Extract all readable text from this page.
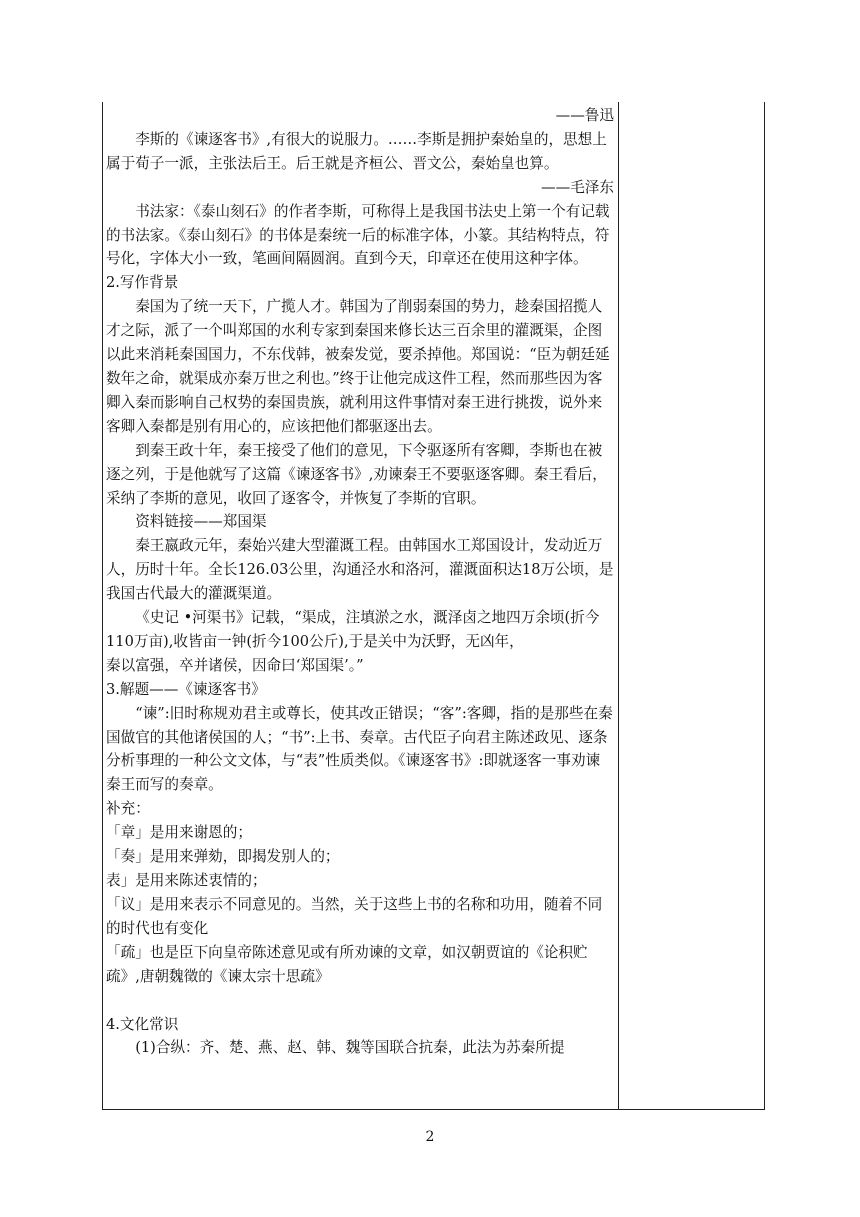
——鲁迅

李斯的《谏逐客书》,有很大的说服力。……李斯是拥护秦始皇的，思想上属于荀子一派，主张法后王。后王就是齐桓公、晋文公，秦始皇也算。

——毛泽东

书法家：《泰山刻石》的作者李斯，可称得上是我国书法史上第一个有记载的书法家。《泰山刻石》的书体是秦统一后的标准字体，小篆。其结构特点，符号化，字体大小一致，笔画间隔圆润。直到今天，印章还在使用这种字体。

2.写作背景

秦国为了统一天下，广揽人才。韩国为了削弱秦国的势力，趁秦国招揽人才之际，派了一个叫郑国的水利专家到秦国来修长达三百余里的灌溉渠，企图以此来消耗秦国国力，不东伐韩，被秦发觉，要杀掉他。郑国说：“臣为朝廷延数年之命，就渠成亦秦万世之利也。”终于让他完成这件工程，然而那些因为客卿入秦而影响自己权势的秦国贵族，就利用这件事情对秦王进行挑拨，说外来客卿入秦都是别有用心的，应该把他们都驱逐出去。

到秦王政十年，秦王接受了他们的意见，下令驱逐所有客卿，李斯也在被逐之列，于是他就写了这篇《谏逐客书》,劝谏秦王不要驱逐客卿。秦王看后，采纳了李斯的意见，收回了逐客令，并恢复了李斯的官职。

资料链接——郑国渠

秦王嬴政元年，秦始兴建大型灌溉工程。由韩国水工郑国设计，发动近万人，历时十年。全长126.03公里，沟通泾水和洛河，灌溉面积达18万公顷，是我国古代最大的灌溉渠道。

《史记 •河渠书》记载，“渠成，注填淤之水，溉泽卤之地四万余顷(折今110万亩),收皆亩一钟(折今100公斤),于是关中为沃野，无凶年，

秦以富强，卒并诸侯，因命曰‘郑国渠’。”

3.解题——《谏逐客书》

“谏”:旧时称规劝君主或尊长，使其改正错误；“客”:客卿，指的是那些在秦国做官的其他诸侯国的人；“书”:上书、奏章。古代臣子向君主陈述政见、逐条分析事理的一种公文文体，与“表”性质类似。《谏逐客书》:即就逐客一事劝谏秦王而写的奏章。

补充：

「章」是用来谢恩的；

「奏」是用来弹劾，即揭发别人的；

表」是用来陈述衷情的；

「议」是用来表示不同意见的。当然，关于这些上书的名称和功用，随着不同的时代也有变化

「疏」也是臣下向皇帝陈述意见或有所劝谏的文章，如汉朝贾谊的《论积贮疏》,唐朝魏徵的《谏太宗十思疏》

4.文化常识

(1)合纵：齐、楚、燕、赵、韩、魏等国联合抗秦，此法为苏秦所提

2
